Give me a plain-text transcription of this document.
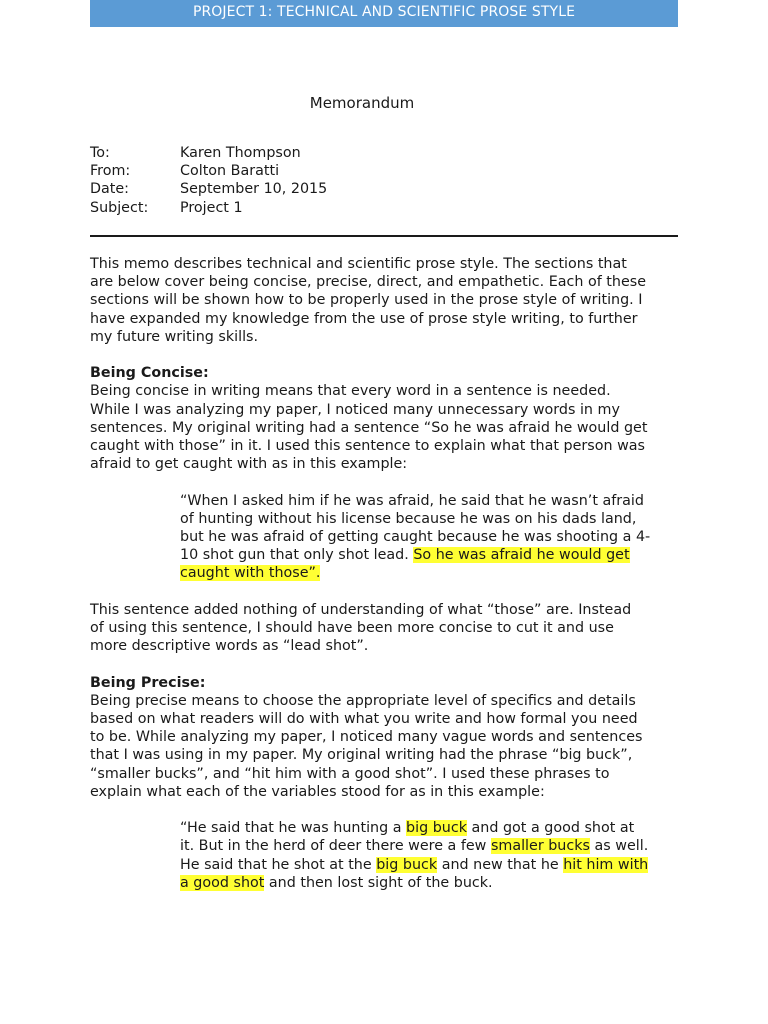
PROJECT 1: TECHNICAL AND SCIENTIFIC PROSE STYLE
Memorandum
To:	Karen Thompson
From:	Colton Baratti
Date:	September 10, 2015
Subject:	Project 1

This memo describes technical and scientific prose style. The sections that

are below cover being concise, precise, direct, and empathetic. Each of these

sections will be shown how to be properly used in the prose style of writing. I

have expanded my knowledge from the use of prose style writing, to further

my future writing skills.

Being Concise:

Being concise in writing means that every word in a sentence is needed.

While I was analyzing my paper, I noticed many unnecessary words in my

sentences. My original writing had a sentence “So he was afraid he would get

caught with those” in it. I used this sentence to explain what that person was

afraid to get caught with as in this example:

“When I asked him if he was afraid, he said that he wasn’t afraid

of hunting without his license because he was on his dads land,

but he was afraid of getting caught because he was shooting a 4-

10 shot gun that only shot lead. So he was afraid he would get

caught with those”.

This sentence added nothing of understanding of what “those” are. Instead

of using this sentence, I should have been more concise to cut it and use

more descriptive words as “lead shot”.

Being Precise:

Being precise means to choose the appropriate level of specifics and details

based on what readers will do with what you write and how formal you need

to be. While analyzing my paper, I noticed many vague words and sentences

that I was using in my paper. My original writing had the phrase “big buck”,

“smaller bucks”, and “hit him with a good shot”. I used these phrases to

explain what each of the variables stood for as in this example:

“He said that he was hunting a big buck and got a good shot at

it. But in the herd of deer there were a few smaller bucks as well.

He said that he shot at the big buck and new that he hit him with

a good shot and then lost sight of the buck.
